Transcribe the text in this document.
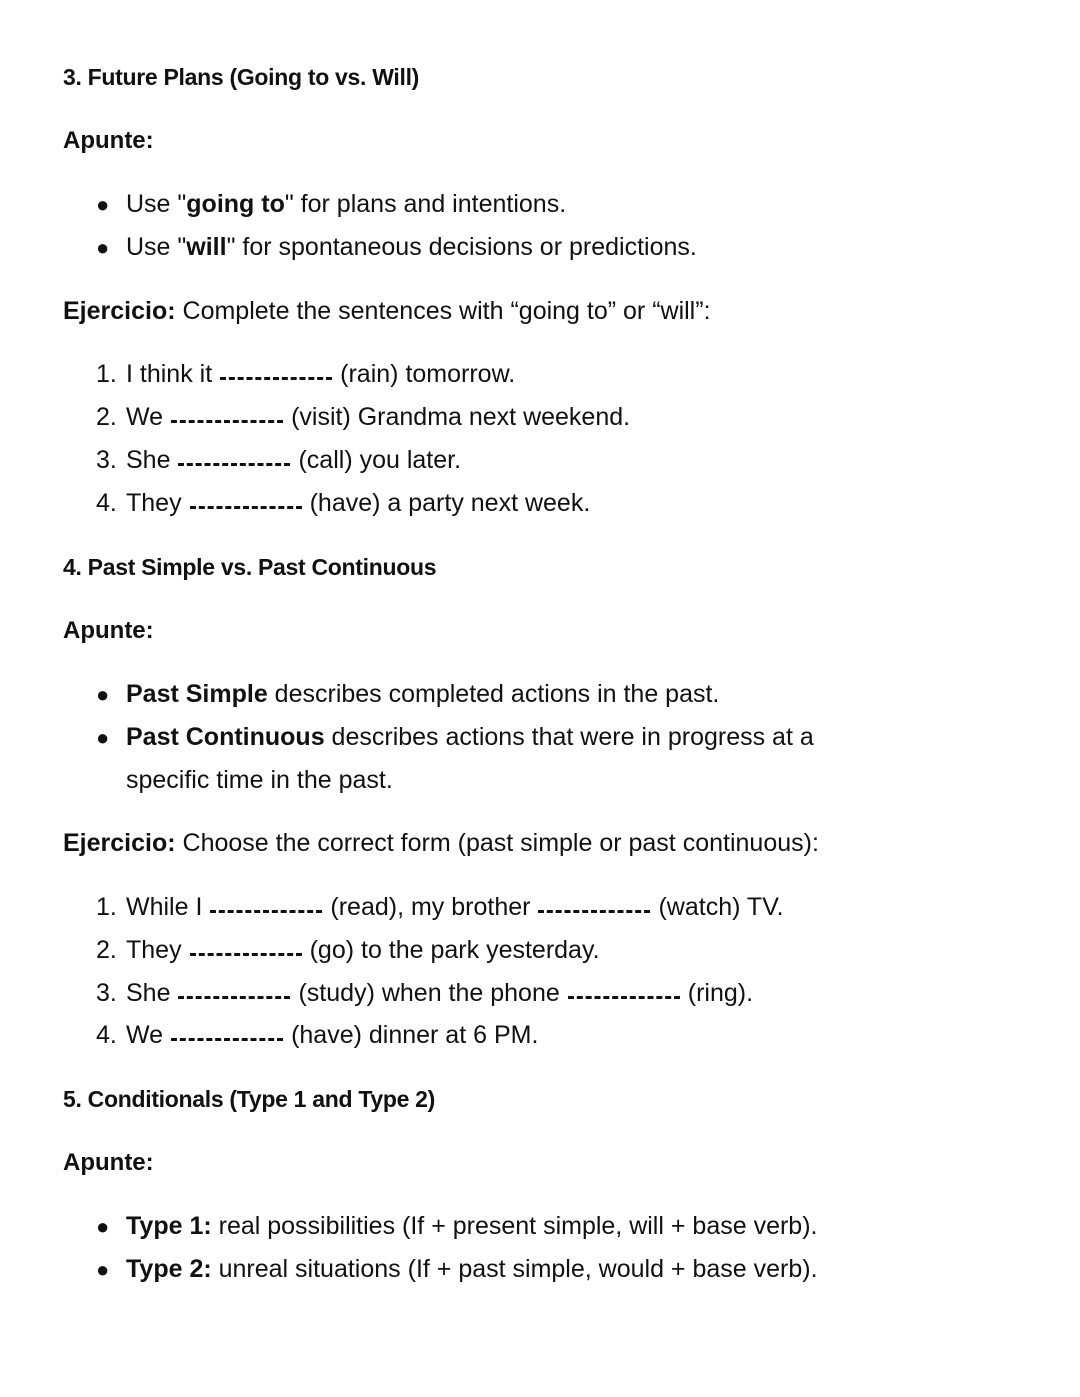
3. Future Plans (Going to vs. Will)
Apunte:
● Use "going to" for plans and intentions.
● Use "will" for spontaneous decisions or predictions.
Ejercicio: Complete the sentences with “going to” or “will”:
1. I think it	(rain) tomorrow.
2. We	(visit) Grandma next weekend.
3. She	(call) you later.
4. They	(have) a party next week.
4. Past Simple vs. Past Continuous
Apunte:
● Past Simple describes completed actions in the past.
● Past Continuous describes actions that were in progress at a
specific time in the past.
Ejercicio: Choose the correct form (past simple or past continuous):
1. While I	(read), my brother	(watch) TV.
2. They	(go) to the park yesterday.
3. She	(study) when the phone	(ring).
4. We	(have) dinner at 6 PM.
5. Conditionals (Type 1 and Type 2)
Apunte:
● Type 1: real possibilities (If + present simple, will + base verb).
● Type 2: unreal situations (If + past simple, would + base verb).
